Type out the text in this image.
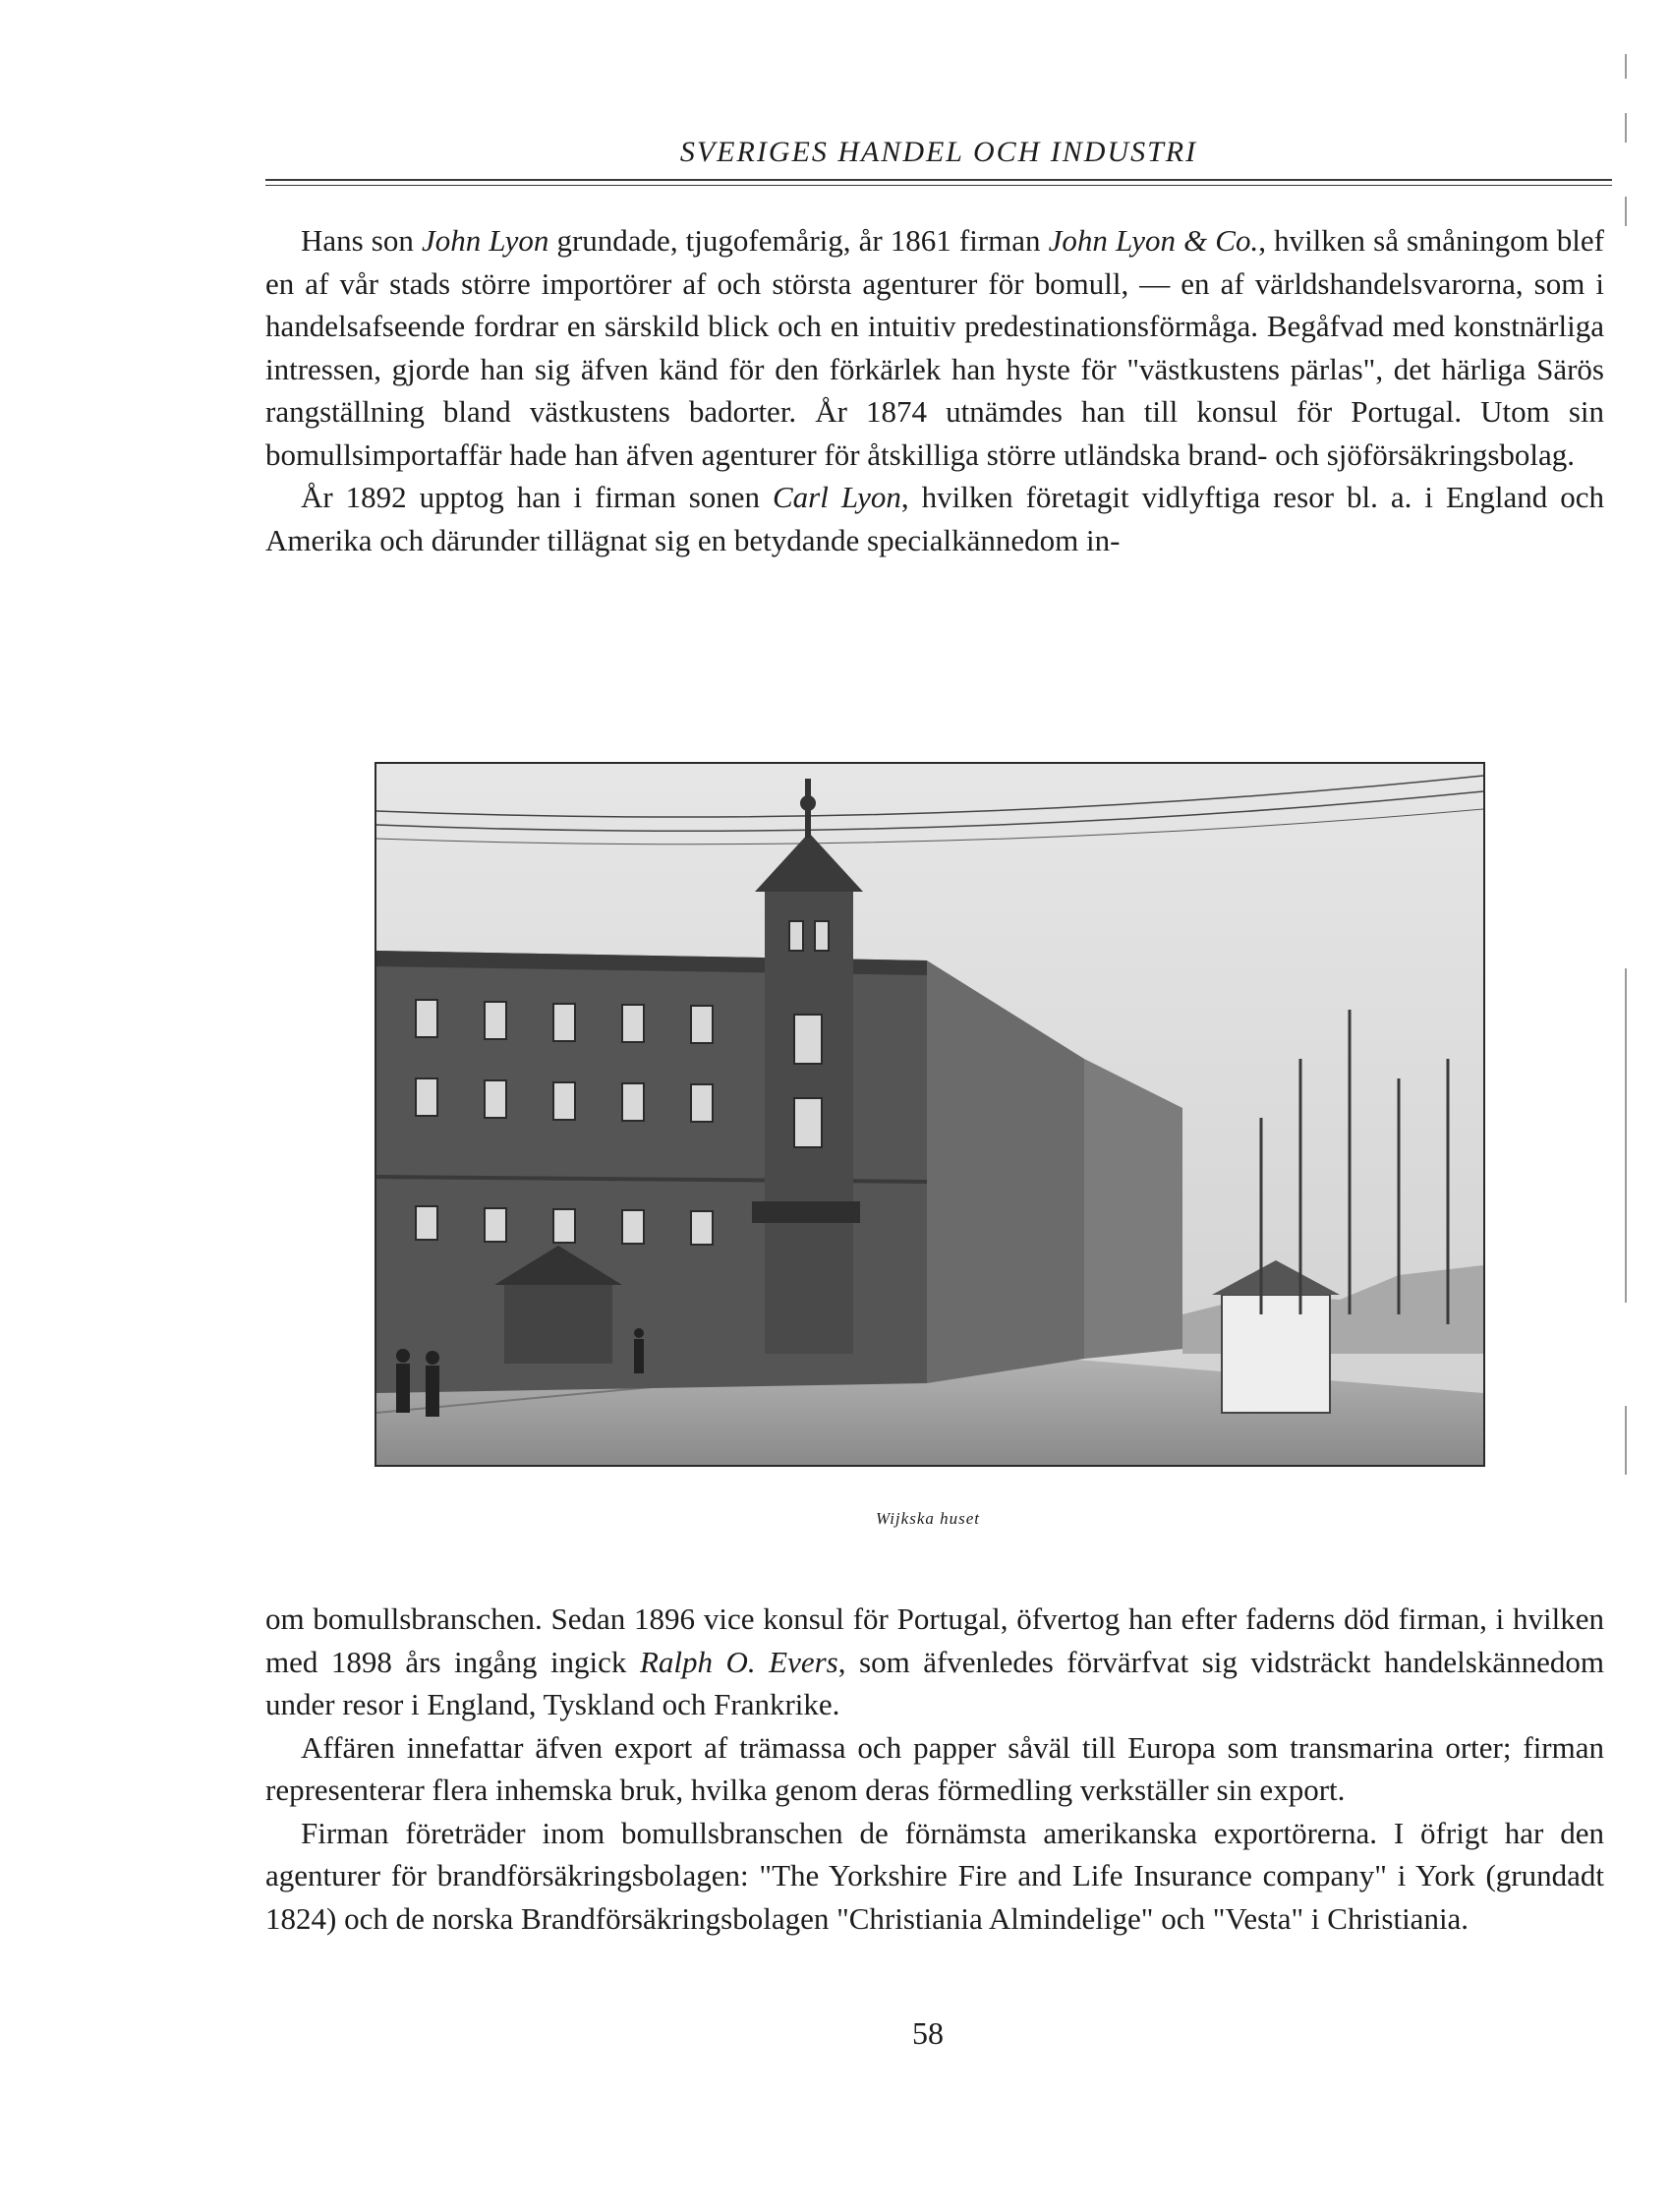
SVERIGES HANDEL OCH INDUSTRI

Hans son John Lyon grundade, tjugofemårig, år 1861 firman John Lyon & Co., hvilken så småningom blef en af vår stads större importörer af och största agenturer för bomull, — en af världshandelsvarorna, som i handelsafseende fordrar en särskild blick och en intuitiv predestinationsförmåga. Begåfvad med konstnärliga intressen, gjorde han sig äfven känd för den förkärlek han hyste för "västkustens pärlas", det härliga Särös rangställning bland västkustens badorter. År 1874 utnämdes han till konsul för Portugal. Utom sin bomullsimportaffär hade han äfven agenturer för åtskilliga större utländska brand- och sjöförsäkringsbolag.

År 1892 upptog han i firman sonen Carl Lyon, hvilken företagit vidlyftiga resor bl. a. i England och Amerika och därunder tillägnat sig en betydande specialkännedom in-

Wijkska huset

om bomullsbranschen. Sedan 1896 vice konsul för Portugal, öfvertog han efter faderns död firman, i hvilken med 1898 års ingång ingick Ralph O. Evers, som äfvenledes förvärfvat sig vidsträckt handelskännedom under resor i England, Tyskland och Frankrike.

Affären innefattar äfven export af trämassa och papper såväl till Europa som transmarina orter; firman representerar flera inhemska bruk, hvilka genom deras förmedling verkställer sin export.

Firman företräder inom bomullsbranschen de förnämsta amerikanska exportörerna. I öfrigt har den agenturer för brandförsäkringsbolagen: "The Yorkshire Fire and Life Insurance company" i York (grundadt 1824) och de norska Brandförsäkringsbolagen "Christiania Almindelige" och "Vesta" i Christiania.

58
